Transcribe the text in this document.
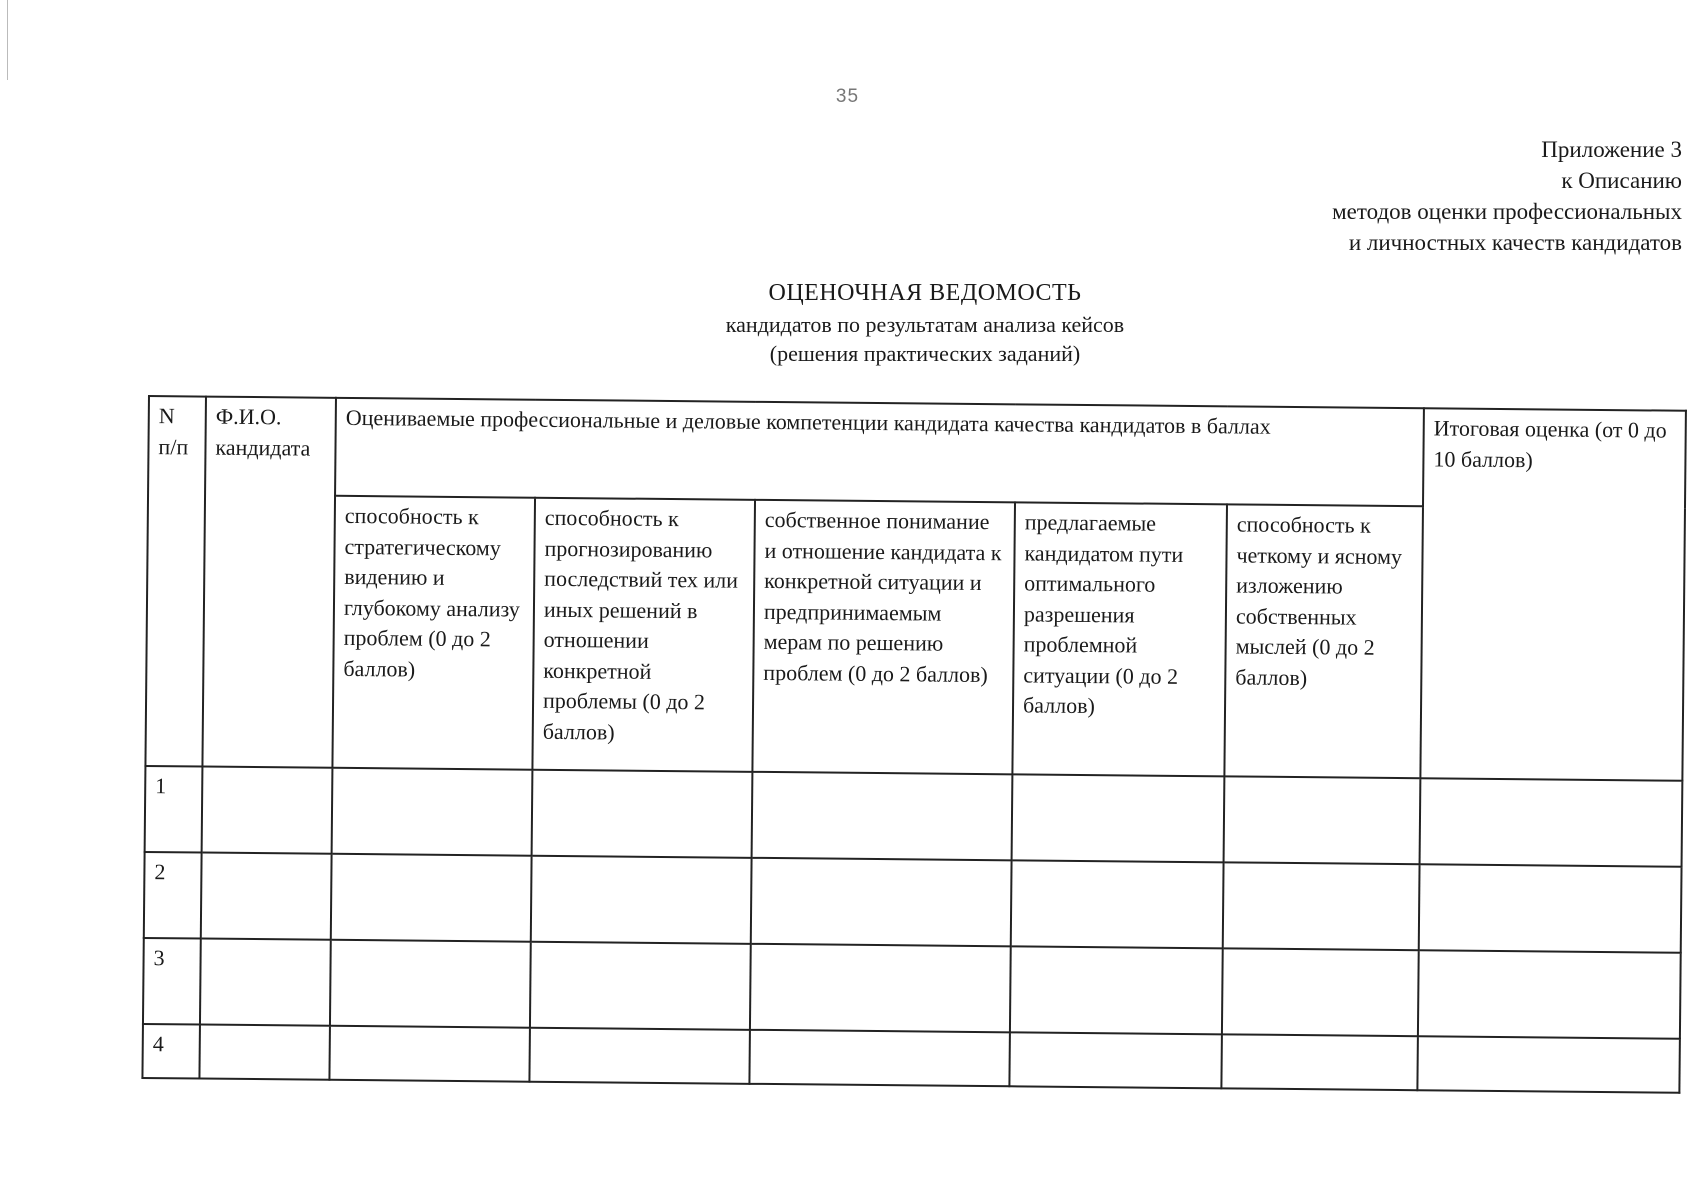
35
Приложение 3
к Описанию
методов оценки профессиональных
и личностных качеств кандидатов
ОЦЕНОЧНАЯ ВЕДОМОСТЬ
кандидатов по результатам анализа кейсов
(решения практических заданий)
N п/п	Ф.И.О. кандидата	Оцениваемые профессиональные и деловые компетенции кандидата качества кандидатов в баллах					Итоговая оценка (от 0 до 10 баллов)
		способность к стратегическому видению и глубокому анализу проблем (0 до 2 баллов)	способность к прогнозированию последствий тех или иных решений в отношении конкретной проблемы (0 до 2 баллов)	собственное понимание и отношение кандидата к конкретной ситуации и предпринимаемым мерам по решению проблем (0 до 2 баллов)	предлагаемые кандидатом пути оптимального разрешения проблемной ситуации (0 до 2 баллов)	способность к четкому и ясному изложению собственных мыслей (0 до 2 баллов)	
1							
2							
3							
4							
